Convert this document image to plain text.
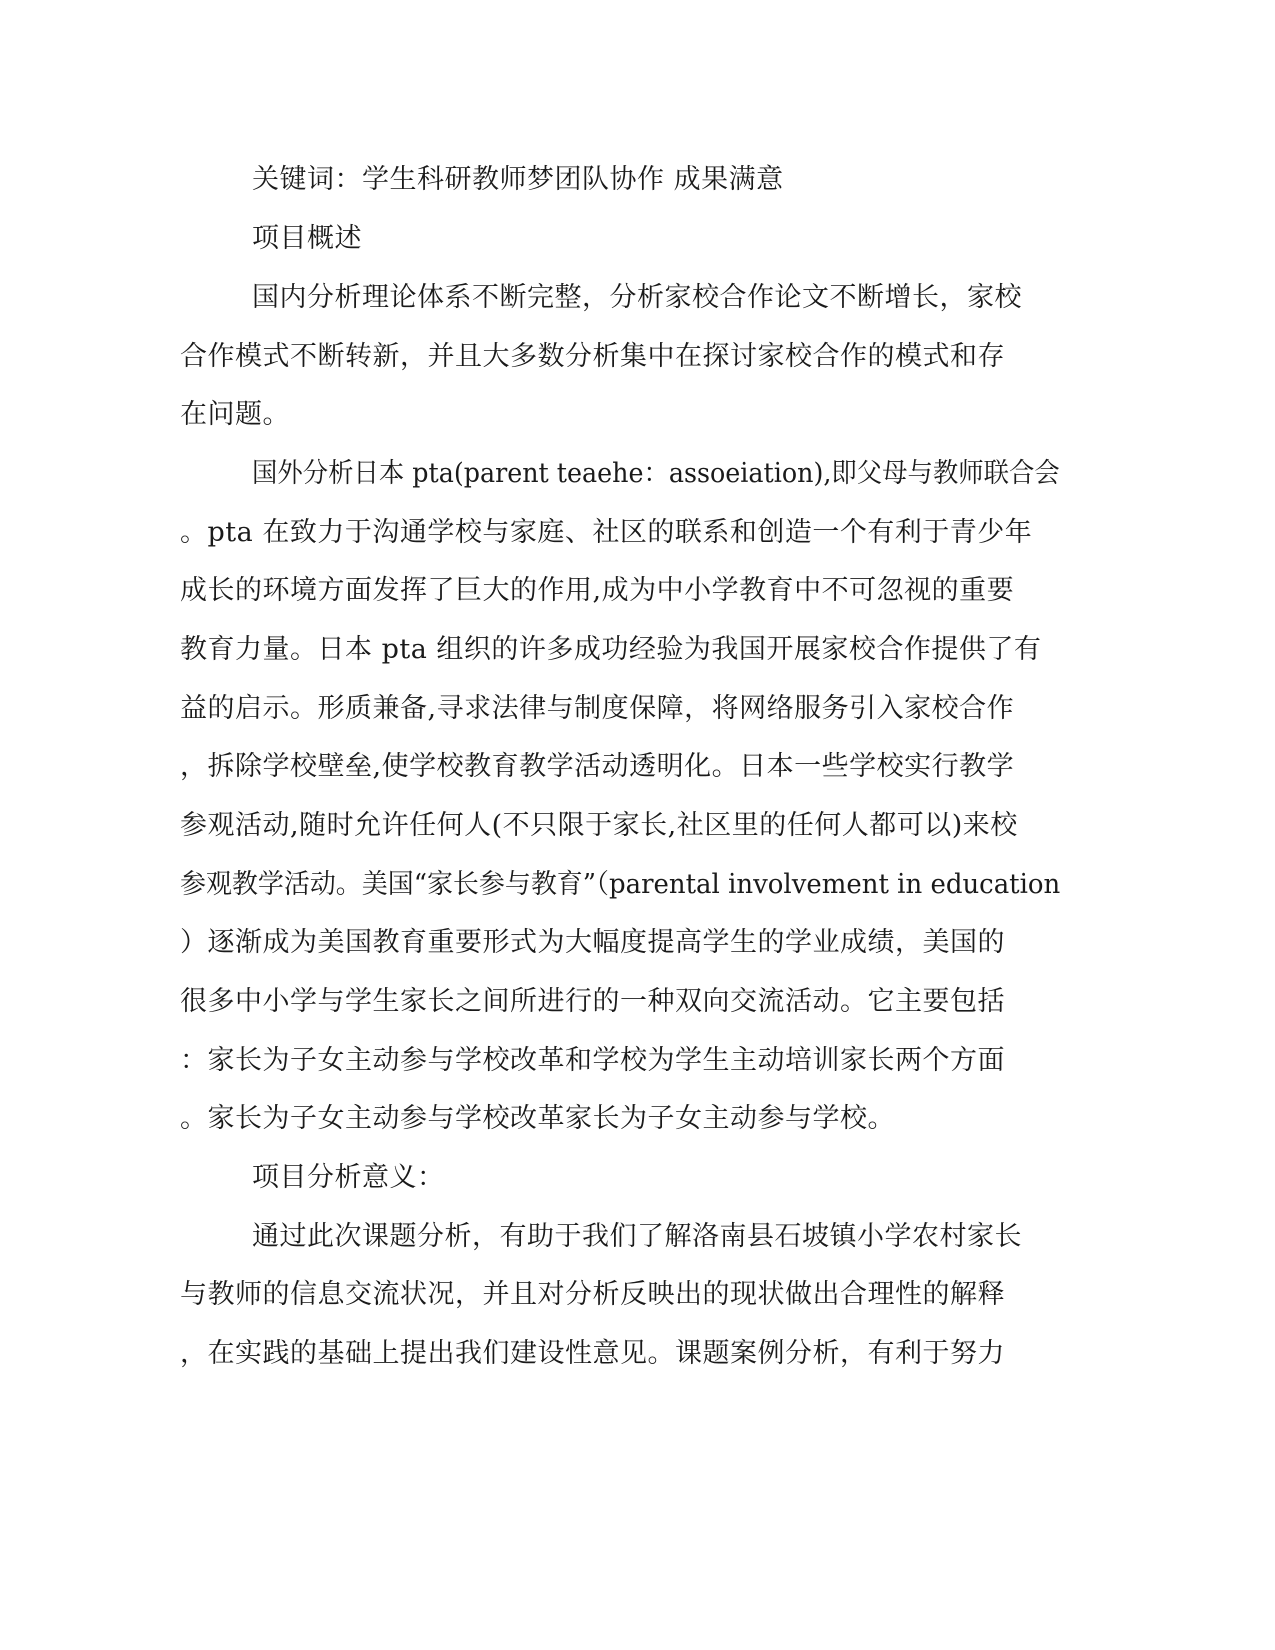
关键词：学生科研教师梦团队协作 成果满意
项目概述
国内分析理论体系不断完整，分析家校合作论文不断增长，家校
合作模式不断转新，并且大多数分析集中在探讨家校合作的模式和存
在问题。
国外分析日本 pta(parent teaehe：assoeiation),即父母与教师联合会
。pta 在致力于沟通学校与家庭、社区的联系和创造一个有利于青少年
成长的环境方面发挥了巨大的作用,成为中小学教育中不可忽视的重要
教育力量。日本 pta 组织的许多成功经验为我国开展家校合作提供了有
益的启示。形质兼备,寻求法律与制度保障，将网络服务引入家校合作
，拆除学校壁垒,使学校教育教学活动透明化。日本一些学校实行教学
参观活动,随时允许任何人(不只限于家长,社区里的任何人都可以)来校
参观教学活动。美国“家长参与教育”（parental involvement in education
）逐渐成为美国教育重要形式为大幅度提高学生的学业成绩，美国的
很多中小学与学生家长之间所进行的一种双向交流活动。它主要包括
：家长为子女主动参与学校改革和学校为学生主动培训家长两个方面
。家长为子女主动参与学校改革家长为子女主动参与学校。
项目分析意义：
通过此次课题分析，有助于我们了解洛南县石坡镇小学农村家长
与教师的信息交流状况，并且对分析反映出的现状做出合理性的解释
，在实践的基础上提出我们建设性意见。课题案例分析，有利于努力
